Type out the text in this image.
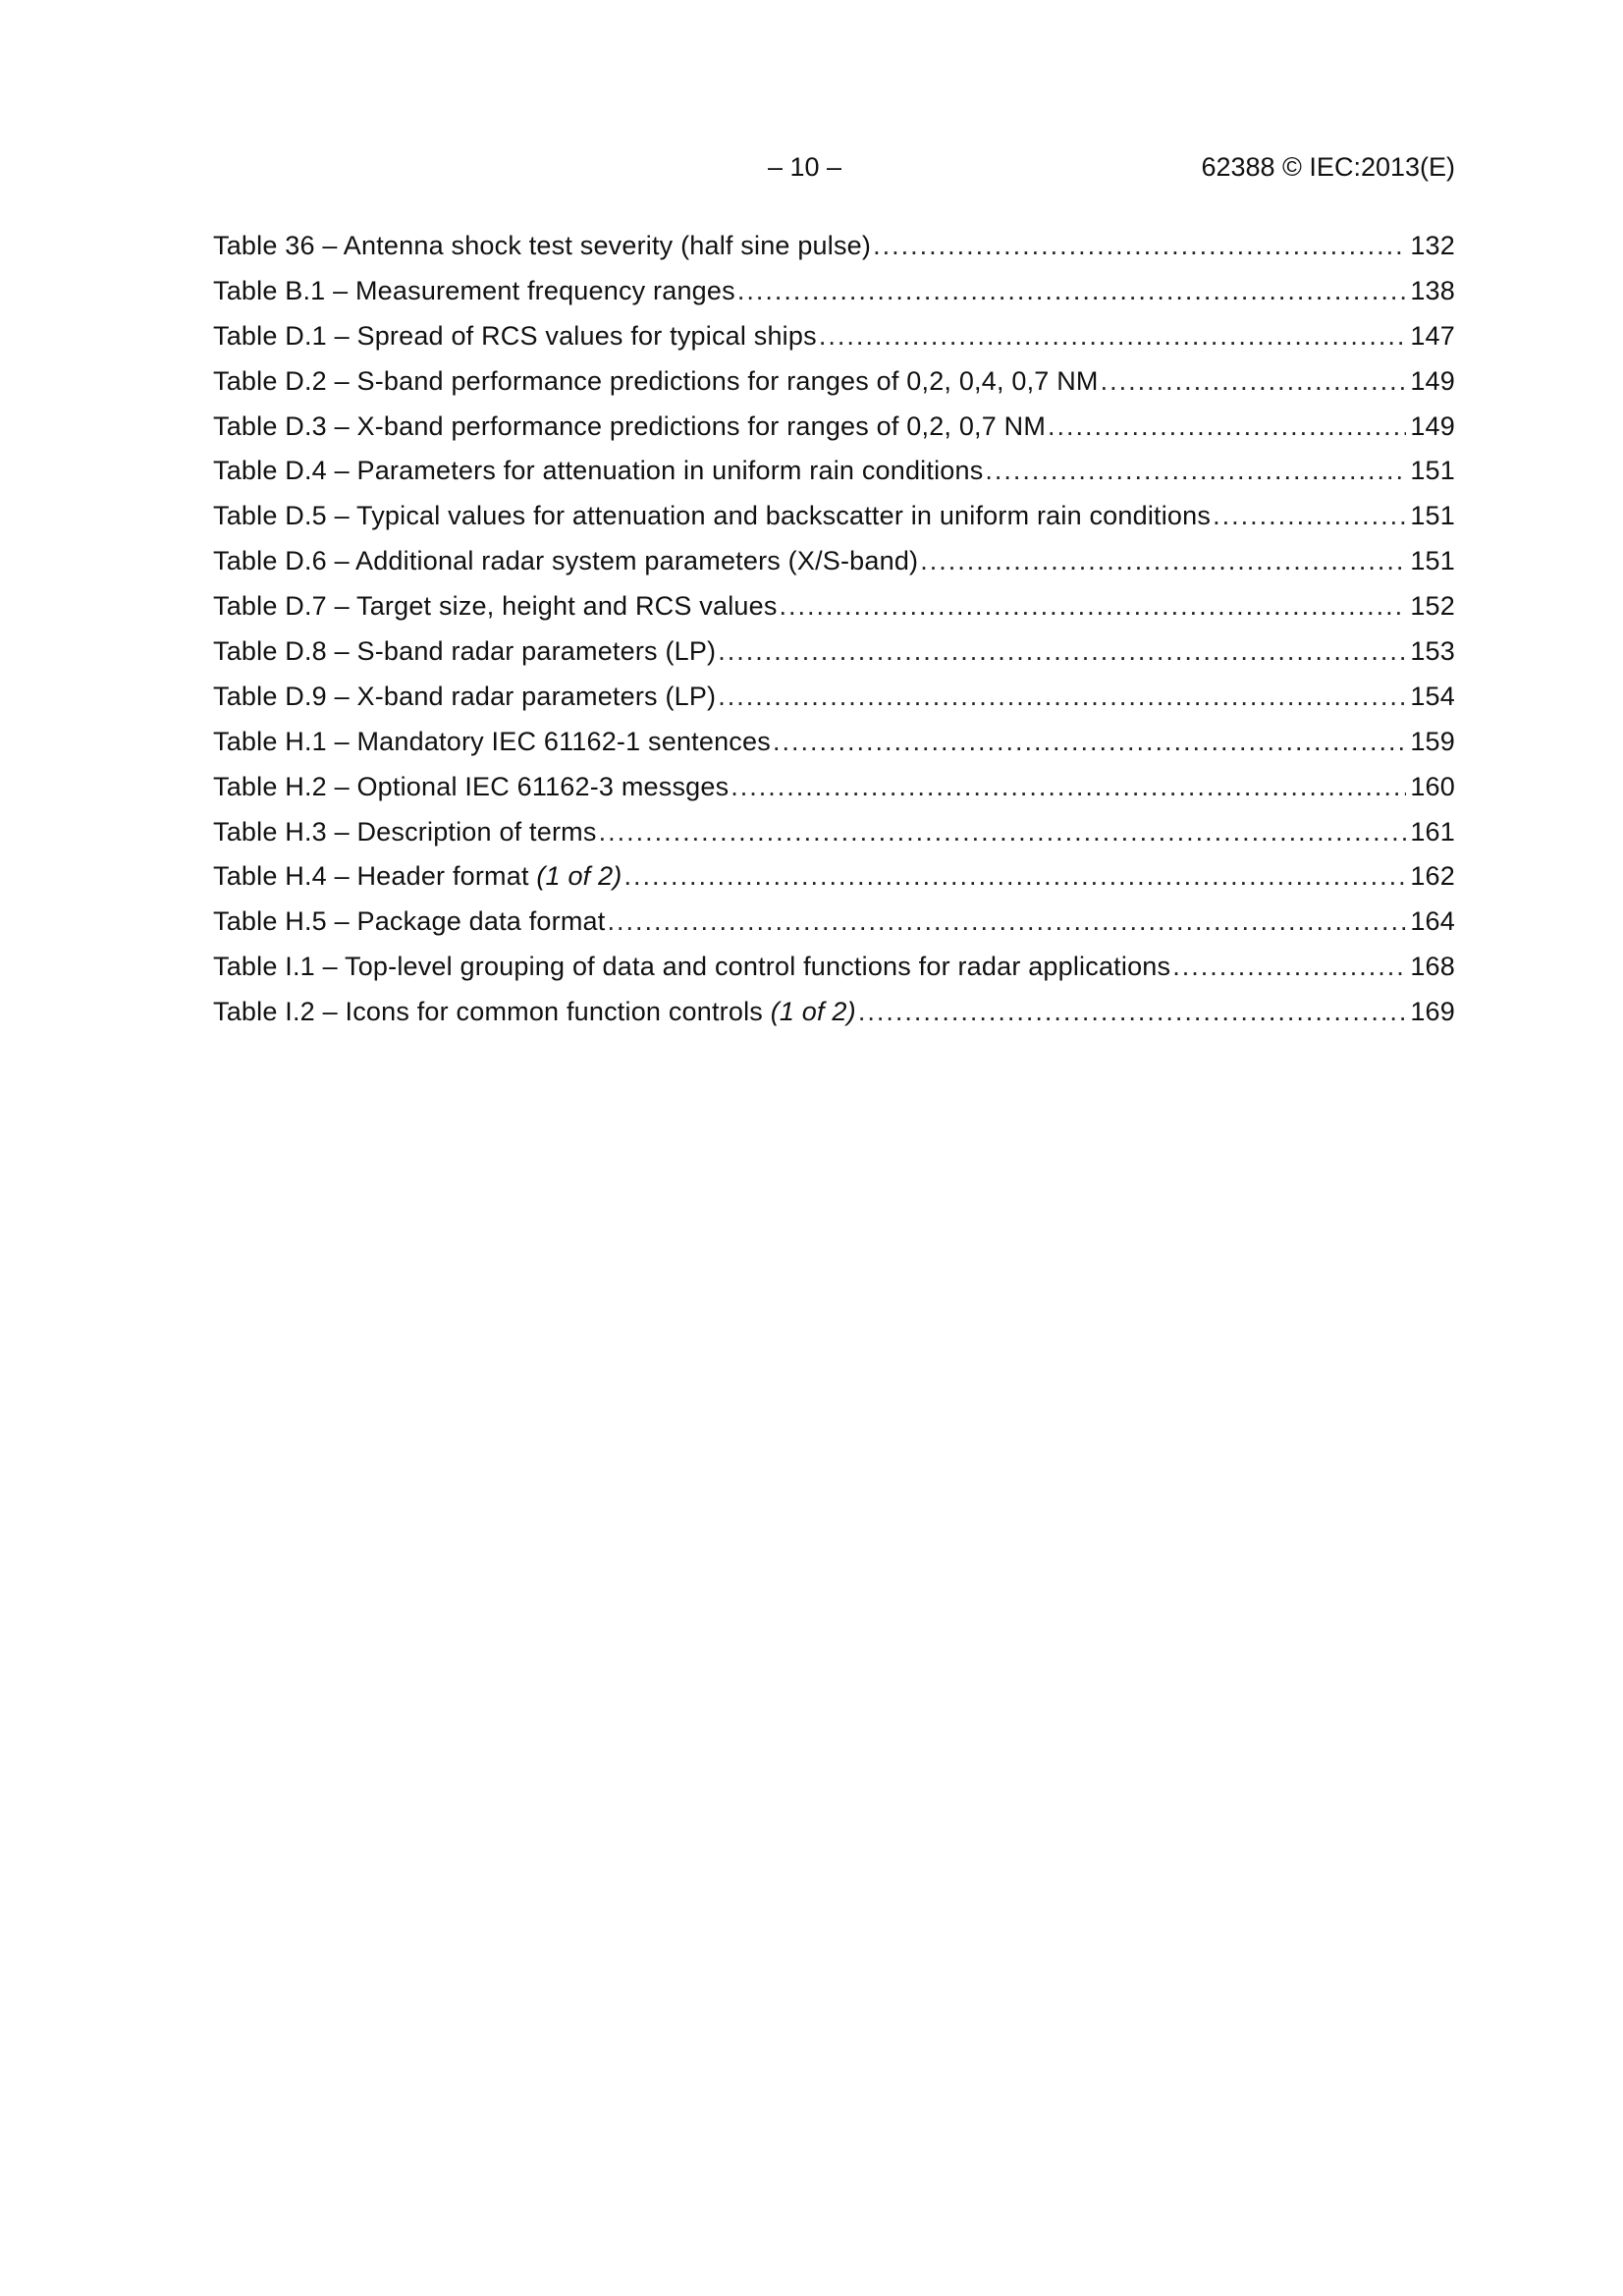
– 10 –	62388 © IEC:2013(E)
Table 36 – Antenna shock test severity (half sine pulse) .....	132
Table B.1 – Measurement frequency ranges .....	138
Table D.1 – Spread of RCS values for typical ships .....	147
Table D.2 – S-band performance predictions for ranges of 0,2, 0,4, 0,7 NM .....	149
Table D.3 – X-band performance predictions for ranges of 0,2, 0,7 NM .....	149
Table D.4 – Parameters for attenuation in uniform rain conditions .....	151
Table D.5 – Typical values for attenuation and backscatter in uniform rain conditions .....	151
Table D.6 – Additional radar system parameters (X/S-band) .....	151
Table D.7 – Target size, height and RCS values .....	152
Table D.8 – S-band radar parameters (LP) .....	153
Table D.9 – X-band radar parameters (LP) .....	154
Table H.1 – Mandatory IEC 61162-1 sentences .....	159
Table H.2 – Optional IEC 61162-3 messges .....	160
Table H.3 – Description of terms .....	161
Table H.4 – Header format (1 of 2) .....	162
Table H.5 – Package data format .....	164
Table I.1 – Top-level grouping of data and control functions for radar applications .....	168
Table I.2 – Icons for common function controls (1 of 2) .....	169
